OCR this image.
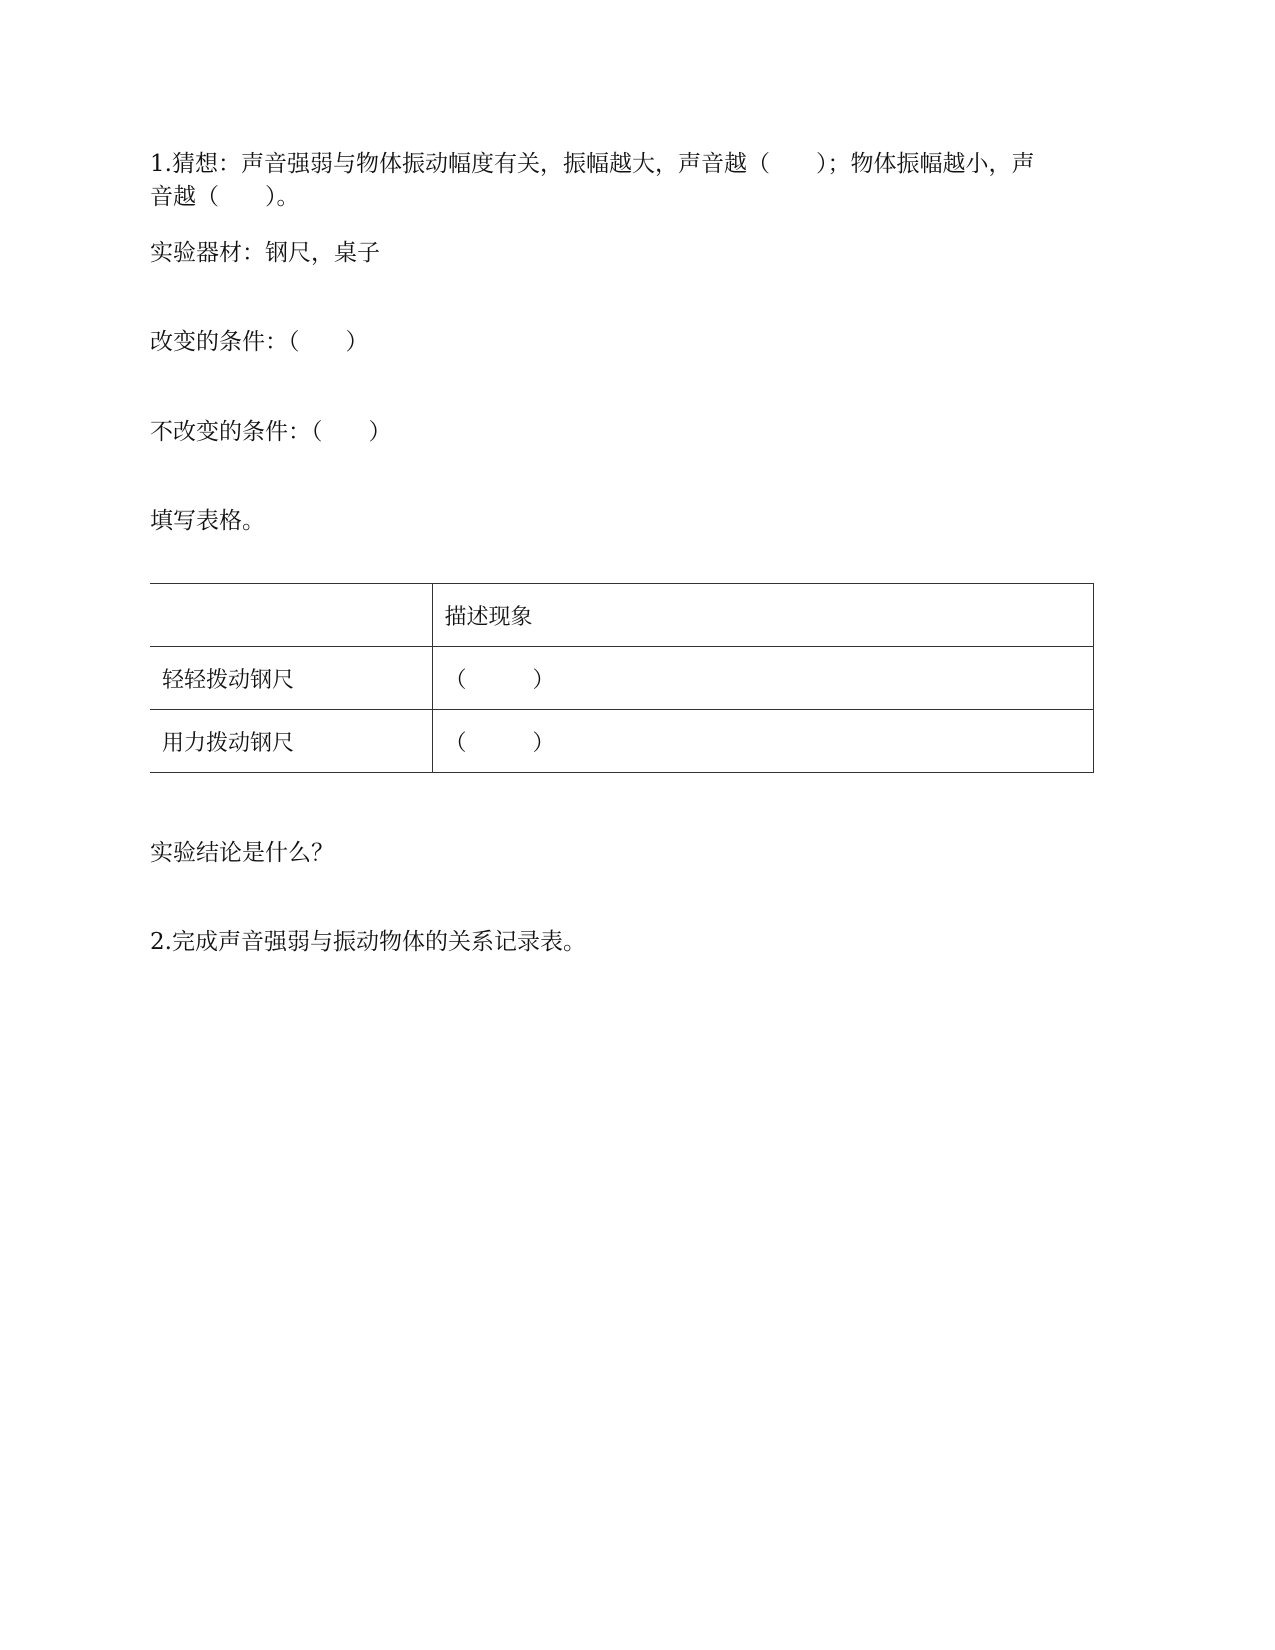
1.猜想：声音强弱与物体振动幅度有关，振幅越大，声音越（　　）；物体振幅越小，声
音越（　　）。
实验器材：钢尺，桌子
改变的条件：（　　）
不改变的条件：（　　）
填写表格。
	描述现象
轻轻拨动钢尺	（　　　）
用力拨动钢尺	（　　　）
实验结论是什么？
2.完成声音强弱与振动物体的关系记录表。
